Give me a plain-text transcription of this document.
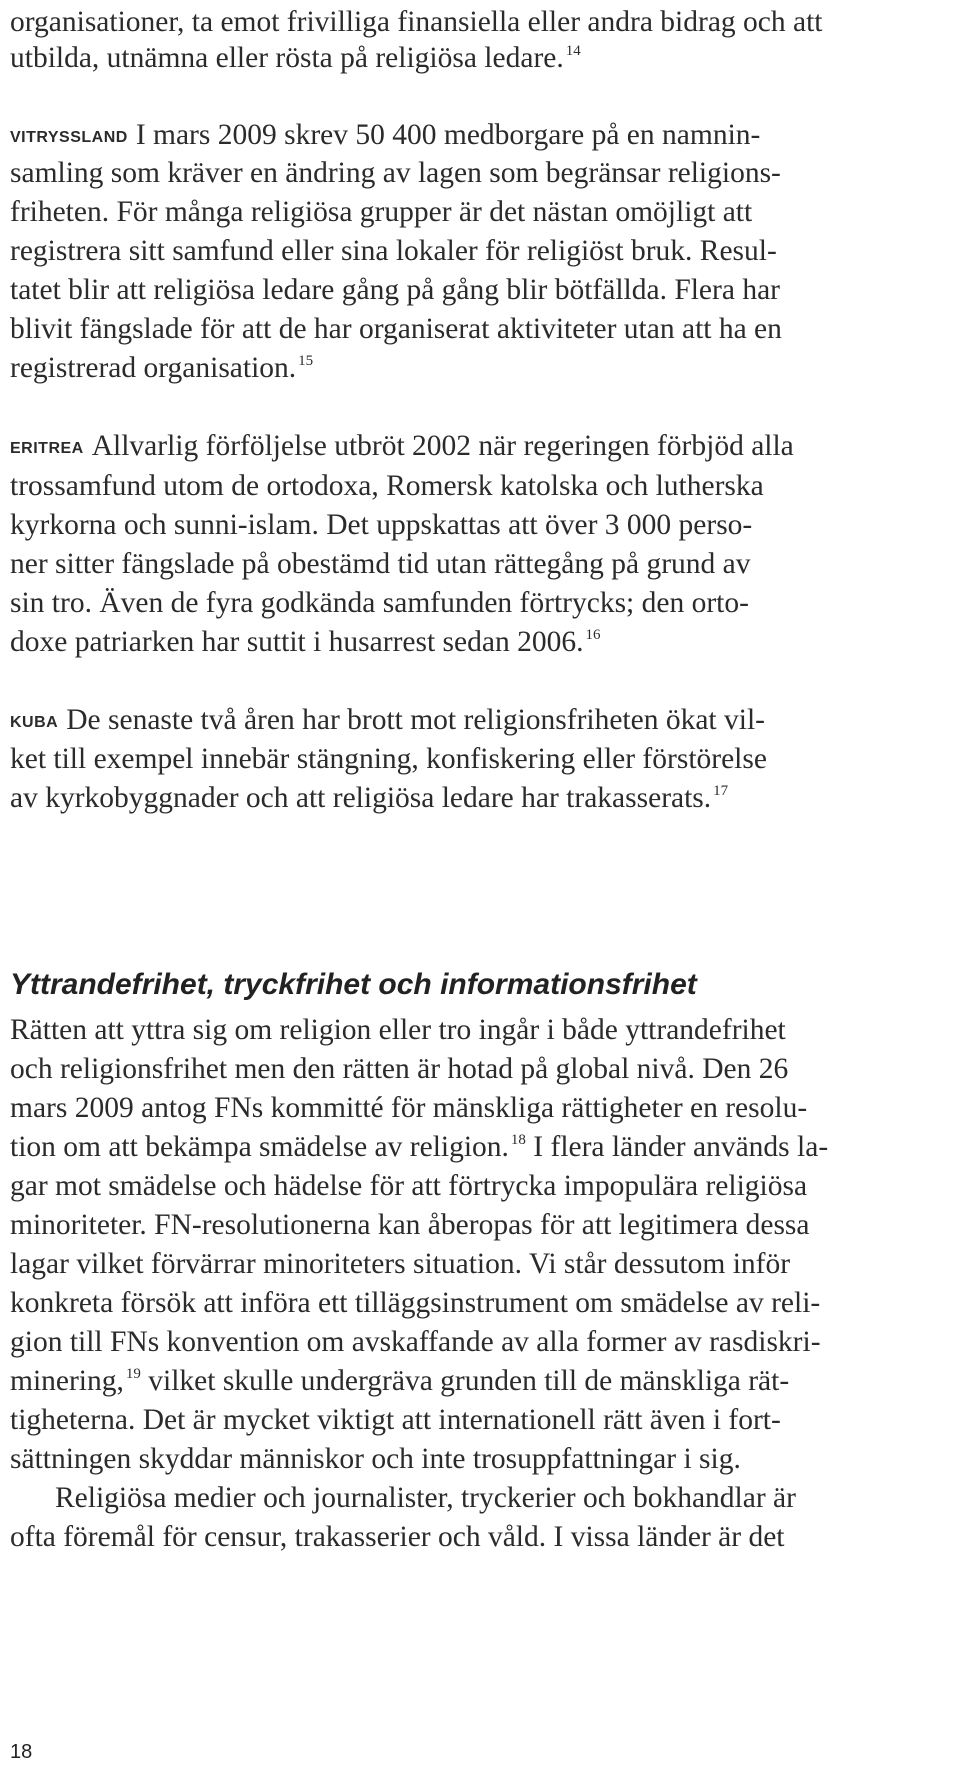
organisationer, ta emot frivilliga finansiella eller andra bidrag och att
utbilda, utnämna eller rösta på religiösa ledare. $^{14}$
VITRYSSLAND I mars 2009 skrev 50 400 medborgare på en namnin-
samling som kräver en ändring av lagen som begränsar religions-
friheten. För många religiösa grupper är det nästan omöjligt att
registrera sitt samfund eller sina lokaler för religiöst bruk. Resul-
tatet blir att religiösa ledare gång på gång blir bötfällda. Flera har
blivit fängslade för att de har organiserat aktiviteter utan att ha en
registrerad organisation. $^{15}$
ERITREA Allvarlig förföljelse utbröt 2002 när regeringen förbjöd alla
trossamfund utom de ortodoxa, Romersk katolska och lutherska
kyrkorna och sunni-islam. Det uppskattas att över 3 000 perso-
ner sitter fängslade på obestämd tid utan rättegång på grund av
sin tro. Även de fyra godkända samfunden förtrycks; den orto-
doxe patriarken har suttit i husarrest sedan 2006. $^{16}$
KUBA De senaste två åren har brott mot religionsfriheten ökat vil-
ket till exempel innebär stängning, konfiskering eller förstörelse
av kyrkobyggnader och att religiösa ledare har trakasserats. $^{17}$
Yttrandefrihet, tryckfrihet och informationsfrihet
Rätten att yttra sig om religion eller tro ingår i både yttrandefrihet
och religionsfrihet men den rätten är hotad på global nivå. Den 26
mars 2009 antog FNs kommitté för mänskliga rättigheter en resolu-
tion om att bekämpa smädelse av religion. $^{18}$ I flera länder används la-
gar mot smädelse och hädelse för att förtrycka impopulära religiösa
minoriteter. FN-resolutionerna kan åberopas för att legitimera dessa
lagar vilket förvärrar minoriteters situation. Vi står dessutom inför
konkreta försök att införa ett tilläggsinstrument om smädelse av reli-
gion till FNs konvention om avskaffande av alla former av rasdiskri-
minering, $^{19}$ vilket skulle undergräva grunden till de mänskliga rät-
tigheterna. Det är mycket viktigt att internationell rätt även i fort-
sättningen skyddar människor och inte trosuppfattningar i sig.
Religiösa medier och journalister, tryckerier och bokhandlar är
ofta föremål för censur, trakasserier och våld. I vissa länder är det
18
